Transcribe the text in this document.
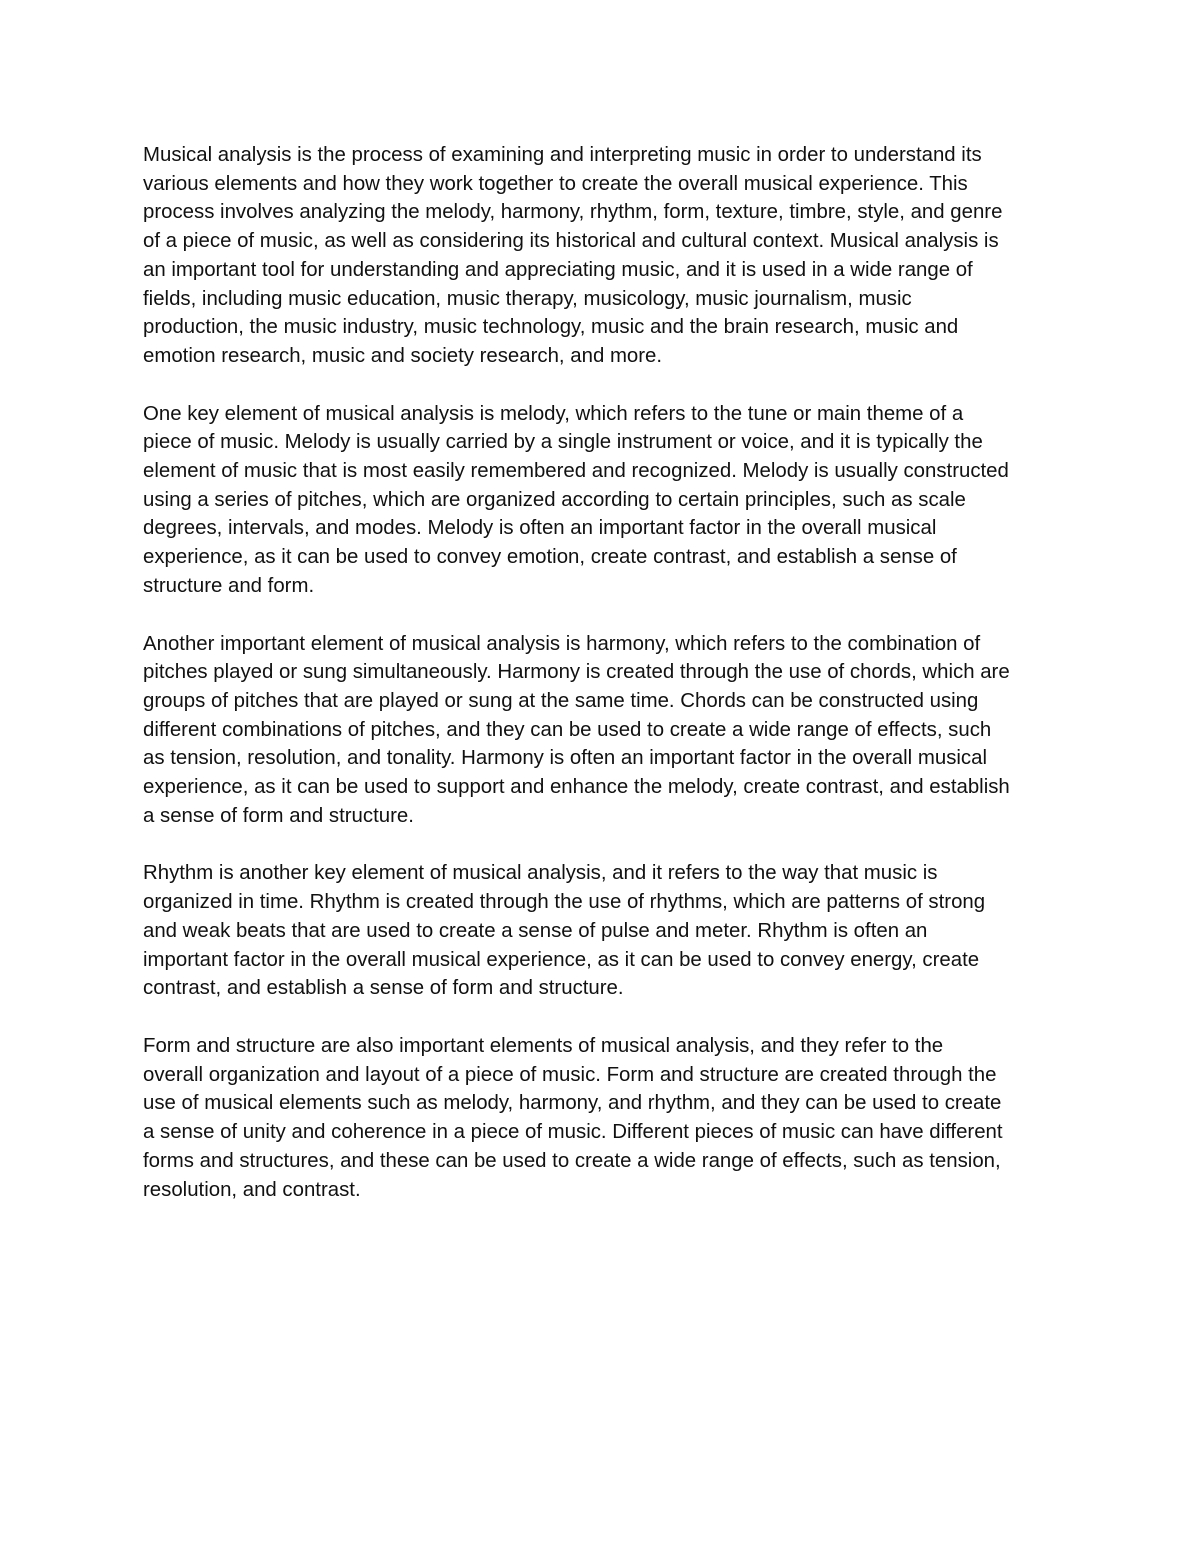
Musical analysis is the process of examining and interpreting music in order to understand its
various elements and how they work together to create the overall musical experience. This
process involves analyzing the melody, harmony, rhythm, form, texture, timbre, style, and genre
of a piece of music, as well as considering its historical and cultural context. Musical analysis is
an important tool for understanding and appreciating music, and it is used in a wide range of
fields, including music education, music therapy, musicology, music journalism, music
production, the music industry, music technology, music and the brain research, music and
emotion research, music and society research, and more.

One key element of musical analysis is melody, which refers to the tune or main theme of a
piece of music. Melody is usually carried by a single instrument or voice, and it is typically the
element of music that is most easily remembered and recognized. Melody is usually constructed
using a series of pitches, which are organized according to certain principles, such as scale
degrees, intervals, and modes. Melody is often an important factor in the overall musical
experience, as it can be used to convey emotion, create contrast, and establish a sense of
structure and form.

Another important element of musical analysis is harmony, which refers to the combination of
pitches played or sung simultaneously. Harmony is created through the use of chords, which are
groups of pitches that are played or sung at the same time. Chords can be constructed using
different combinations of pitches, and they can be used to create a wide range of effects, such
as tension, resolution, and tonality. Harmony is often an important factor in the overall musical
experience, as it can be used to support and enhance the melody, create contrast, and establish
a sense of form and structure.

Rhythm is another key element of musical analysis, and it refers to the way that music is
organized in time. Rhythm is created through the use of rhythms, which are patterns of strong
and weak beats that are used to create a sense of pulse and meter. Rhythm is often an
important factor in the overall musical experience, as it can be used to convey energy, create
contrast, and establish a sense of form and structure.

Form and structure are also important elements of musical analysis, and they refer to the
overall organization and layout of a piece of music. Form and structure are created through the
use of musical elements such as melody, harmony, and rhythm, and they can be used to create
a sense of unity and coherence in a piece of music. Different pieces of music can have different
forms and structures, and these can be used to create a wide range of effects, such as tension,
resolution, and contrast.
